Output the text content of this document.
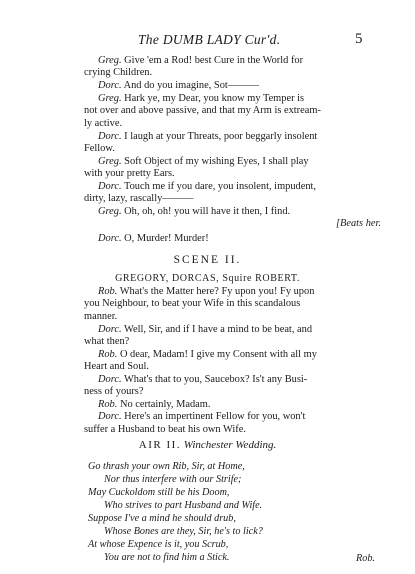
The DUMB LADY Cur'd.	5
Greg. Give 'em a Rod! best Cure in the World for
crying Children.
Dorc. And do you imagine, Sot———
Greg. Hark ye, my Dear, you know my Temper is
not over and above passive, and that my Arm is extream-
ly active.
Dorc. I laugh at your Threats, poor beggarly insolent
Fellow.
Greg. Soft Object of my wishing Eyes, I shall play
with your pretty Ears.
Dorc. Touch me if you dare, you insolent, impudent,
dirty, lazy, rascally———
Greg. Oh, oh, oh! you will have it then, I find.
[Beats her.
Dorc. O, Murder! Murder!
SCENE II.
GREGORY, DORCAS, Squire ROBERT.
Rob. What's the Matter here? Fy upon you! Fy upon
you Neighbour, to beat your Wife in this scandalous
manner.
Dorc. Well, Sir, and if I have a mind to be beat, and
what then?
Rob. O dear, Madam! I give my Consent with all my
Heart and Soul.
Dorc. What's that to you, Saucebox? Is't any Busi-
ness of yours?
Rob. No certainly, Madam.
Dorc. Here's an impertinent Fellow for you, won't
suffer a Husband to beat his own Wife.
AIR II. Winchester Wedding.
Go thrash your own Rib, Sir, at Home,
Nor thus interfere with our Strife;
May Cuckoldom still be his Doom,
Who strives to part Husband and Wife.
Suppose I've a mind he should drub,
Whose Bones are they, Sir, he's to lick?
At whose Expence is it, you Scrub,
You are not to find him a Stick.	Rob.
